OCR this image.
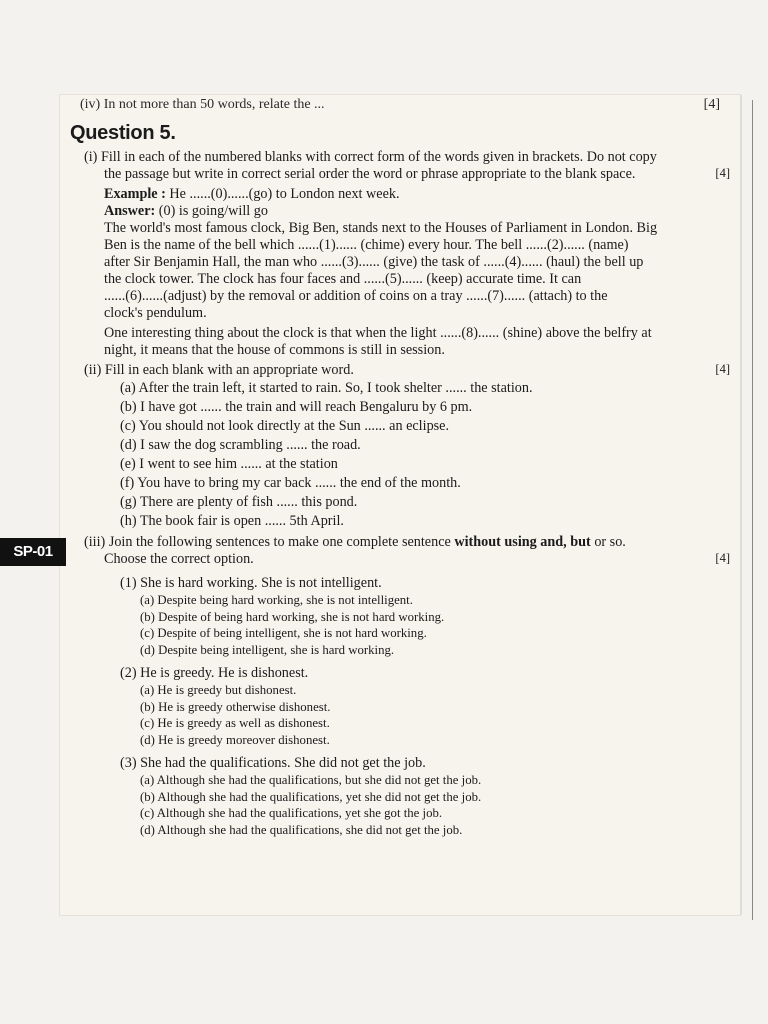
(iv) In not more than 50 words, relate the ...	[4]
SP-01
Question 5.

(i) Fill in each of the numbered blanks with correct form of the words given in brackets. Do not copy

the passage but write in correct serial order the word or phrase appropriate to the blank space.	[4]

Example : He ......(0)......(go) to London next week.

Answer: (0) is going/will go

The world's most famous clock, Big Ben, stands next to the Houses of Parliament in London. Big

Ben is the name of the bell which ......(1)...... (chime) every hour. The bell ......(2)...... (name)

after Sir Benjamin Hall, the man who ......(3)...... (give) the task of ......(4)...... (haul) the bell up

the clock tower. The clock has four faces and ......(5)...... (keep) accurate time. It can

......(6)......(adjust) by the removal or addition of coins on a tray ......(7)...... (attach) to the

clock's pendulum.

One interesting thing about the clock is that when the light ......(8)...... (shine) above the belfry at

night, it means that the house of commons is still in session.

(ii) Fill in each blank with an appropriate word.	[4]

(a) After the train left, it started to rain. So, I took shelter ...... the station.

(b) I have got ...... the train and will reach Bengaluru by 6 pm.

(c) You should not look directly at the Sun ...... an eclipse.

(d) I saw the dog scrambling ...... the road.

(e) I went to see him ...... at the station

(f) You have to bring my car back ...... the end of the month.

(g) There are plenty of fish ...... this pond.

(h) The book fair is open ...... 5th April.

(iii) Join the following sentences to make one complete sentence without using and, but or so.

Choose the correct option.	[4]

(1) She is hard working. She is not intelligent.

(a) Despite being hard working, she is not intelligent.

(b) Despite of being hard working, she is not hard working.

(c) Despite of being intelligent, she is not hard working.

(d) Despite being intelligent, she is hard working.

(2) He is greedy. He is dishonest.

(a) He is greedy but dishonest.

(b) He is greedy otherwise dishonest.

(c) He is greedy as well as dishonest.

(d) He is greedy moreover dishonest.

(3) She had the qualifications. She did not get the job.

(a) Although she had the qualifications, but she did not get the job.

(b) Although she had the qualifications, yet she did not get the job.

(c) Although she had the qualifications, yet she got the job.

(d) Although she had the qualifications, she did not get the job.
